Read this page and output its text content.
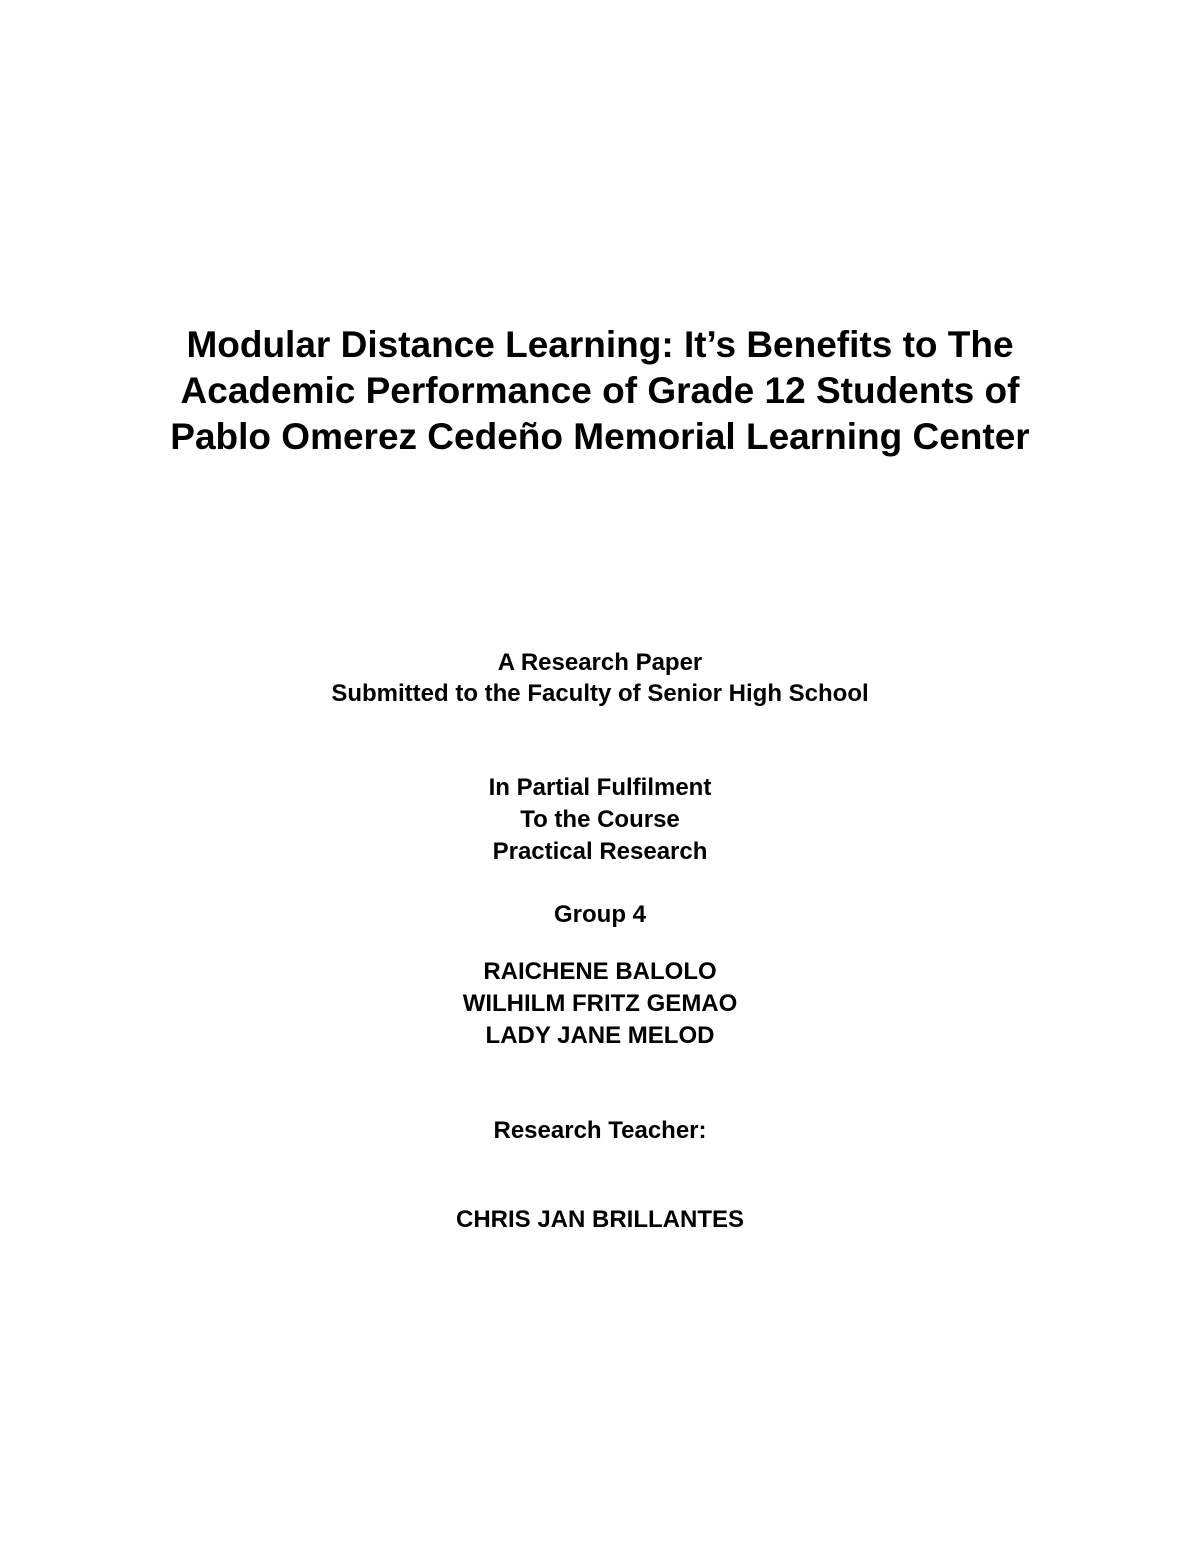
Modular Distance Learning: It’s Benefits to The
Academic Performance of Grade 12 Students of
Pablo Omerez Cedeño Memorial Learning Center
A Research Paper
Submitted to the Faculty of Senior High School
In Partial Fulfilment
To the Course
Practical Research
Group 4
RAICHENE BALOLO
WILHILM FRITZ GEMAO
LADY JANE MELOD
Research Teacher:
CHRIS JAN BRILLANTES
